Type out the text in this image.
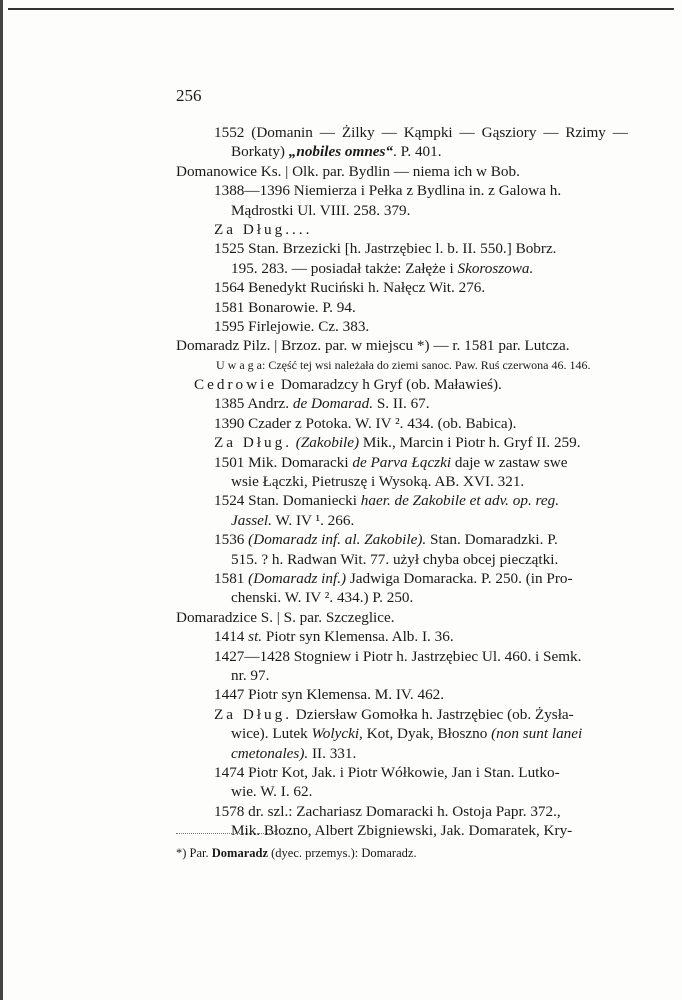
256
1552 (Domanin — Żilky — Kąmpki — Gąsziory — Rzimy —
Borkaty) „nobiles omnes“. P. 401.
Domanowice Ks. | Olk. par. Bydlin — niema ich w Bob.
1388—1396 Niemierza i Pełka z Bydlina in. z Galowa h.
Mądrostki Ul. VIII. 258. 379.
Za Dług....
1525 Stan. Brzezicki [h. Jastrzębiec l. b. II. 550.] Bobrz.
195. 283. — posiadał także: Załęże i Skoroszowa.
1564 Benedykt Ruciński h. Nałęcz Wit. 276.
1581 Bonarowie. P. 94.
1595 Firlejowie. Cz. 383.
Domaradz Pilz. | Brzoz. par. w miejscu *) — r. 1581 par. Lutcza.
U w a g a: Część tej wsi należała do ziemi sanoc. Paw. Ruś czerwona 46. 146.
Cedrowie Domaradzcy h Gryf (ob. Maławieś).
1385 Andrz. de Domarad. S. II. 67.
1390 Czader z Potoka. W. IV ². 434. (ob. Babica).
Za Dług. (Zakobile) Mik., Marcin i Piotr h. Gryf II. 259.
1501 Mik. Domaracki de Parva Łączki daje w zastaw swe
wsie Łączki, Pietruszę i Wysoką. AB. XVI. 321.
1524 Stan. Domaniecki haer. de Zakobile et adv. op. reg.
Jassel. W. IV ¹. 266.
1536 (Domaradz inf. al. Zakobile). Stan. Domaradzki. P.
515. ? h. Radwan Wit. 77. użył chyba obcej pieczątki.
1581 (Domaradz inf.) Jadwiga Domaracka. P. 250. (in Pro-
chenski. W. IV ². 434.) P. 250.
Domaradzice S. | S. par. Szczeglice.
1414 st. Piotr syn Klemensa. Alb. I. 36.
1427—1428 Stogniew i Piotr h. Jastrzębiec Ul. 460. i Semk.
nr. 97.
1447 Piotr syn Klemensa. M. IV. 462.
Za Dług. Dziersław Gomołka h. Jastrzębiec (ob. Żysła-
wice). Lutek Wolycki, Kot, Dyak, Błoszno (non sunt lanei
cmetonales). II. 331.
1474 Piotr Kot, Jak. i Piotr Wółkowie, Jan i Stan. Lutko-
wie. W. I. 62.
1578 dr. szl.: Zachariasz Domaracki h. Ostoja Papr. 372.,
Mik. Błozno, Albert Zbigniewski, Jak. Domaratek, Kry-
*) Par. Domaradz (dyec. przemys.): Domaradz.
